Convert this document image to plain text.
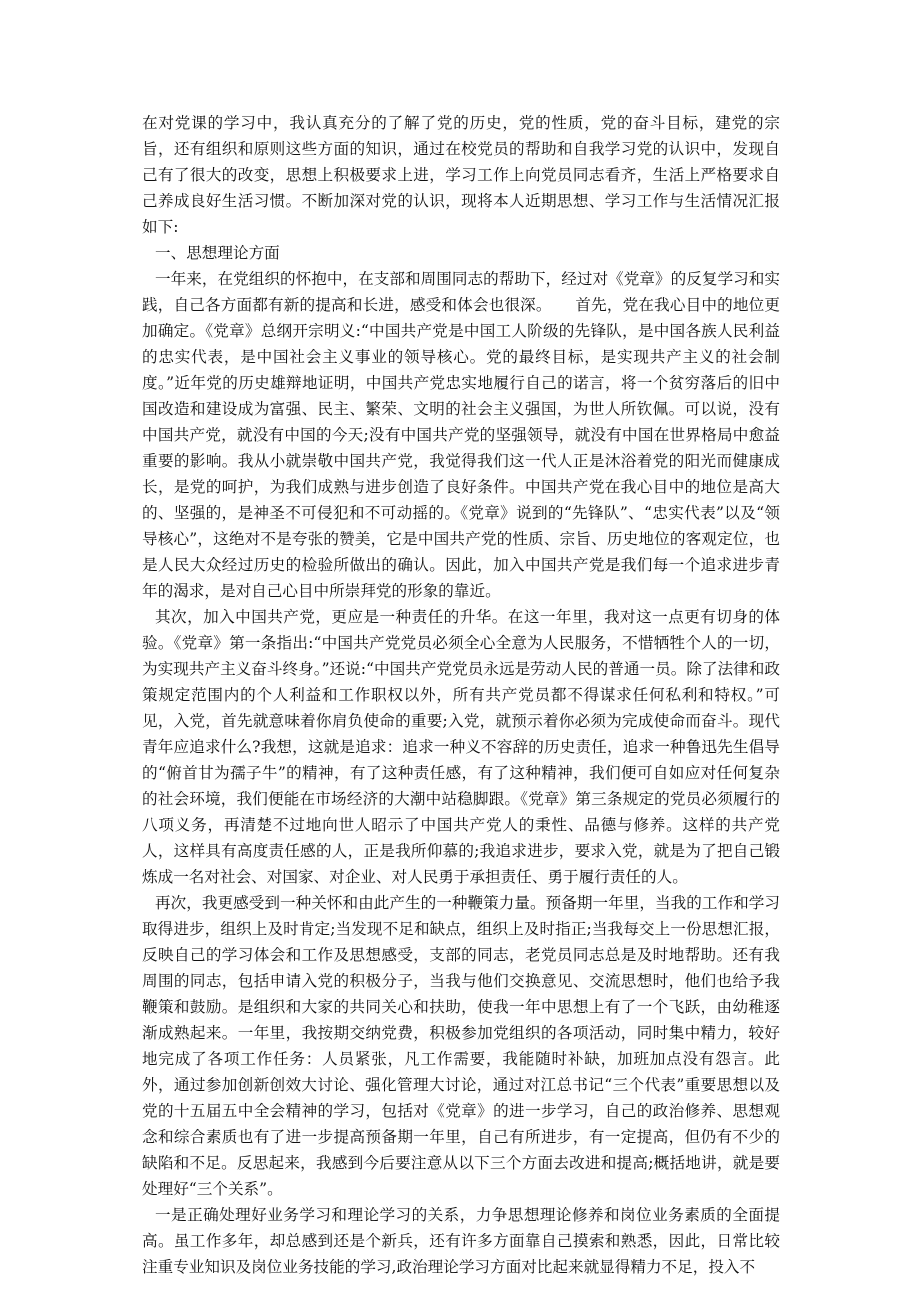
在对党课的学习中，我认真充分的了解了党的历史，党的性质，党的奋斗目标，建党的宗旨，还有组织和原则这些方面的知识，通过在校党员的帮助和自我学习党的认识中，发现自己有了很大的改变，思想上积极要求上进，学习工作上向党员同志看齐，生活上严格要求自己养成良好生活习惯。不断加深对党的认识，现将本人近期思想、学习工作与生活情况汇报如下:

一、思想理论方面

一年来，在党组织的怀抱中，在支部和周围同志的帮助下，经过对《党章》的反复学习和实践，自己各方面都有新的提高和长进，感受和体会也很深。　　首先，党在我心目中的地位更加确定。《党章》总纲开宗明义:“中国共产党是中国工人阶级的先锋队，是中国各族人民利益的忠实代表，是中国社会主义事业的领导核心。党的最终目标，是实现共产主义的社会制度。”近年党的历史雄辩地证明，中国共产党忠实地履行自己的诺言，将一个贫穷落后的旧中国改造和建设成为富强、民主、繁荣、文明的社会主义强国，为世人所钦佩。可以说，没有中国共产党，就没有中国的今天;没有中国共产党的坚强领导，就没有中国在世界格局中愈益重要的影响。我从小就崇敬中国共产党，我觉得我们这一代人正是沐浴着党的阳光而健康成长，是党的呵护，为我们成熟与进步创造了良好条件。中国共产党在我心目中的地位是高大的、坚强的，是神圣不可侵犯和不可动摇的。《党章》说到的“先锋队”、“忠实代表”以及“领导核心”，这绝对不是夸张的赞美，它是中国共产党的性质、宗旨、历史地位的客观定位，也是人民大众经过历史的检验所做出的确认。因此，加入中国共产党是我们每一个追求进步青年的渴求，是对自己心目中所崇拜党的形象的靠近。

其次，加入中国共产党，更应是一种责任的升华。在这一年里，我对这一点更有切身的体验。《党章》第一条指出:“中国共产党党员必须全心全意为人民服务，不惜牺牲个人的一切，为实现共产主义奋斗终身。”还说:“中国共产党党员永远是劳动人民的普通一员。除了法律和政策规定范围内的个人利益和工作职权以外，所有共产党员都不得谋求任何私利和特权。”可见，入党，首先就意味着你肩负使命的重要;入党，就预示着你必须为完成使命而奋斗。现代青年应追求什么?我想，这就是追求：追求一种义不容辞的历史责任，追求一种鲁迅先生倡导的“俯首甘为孺子牛”的精神，有了这种责任感，有了这种精神，我们便可自如应对任何复杂的社会环境，我们便能在市场经济的大潮中站稳脚跟。《党章》第三条规定的党员必须履行的八项义务，再清楚不过地向世人昭示了中国共产党人的秉性、品德与修养。这样的共产党人，这样具有高度责任感的人，正是我所仰慕的;我追求进步，要求入党，就是为了把自己锻炼成一名对社会、对国家、对企业、对人民勇于承担责任、勇于履行责任的人。

再次，我更感受到一种关怀和由此产生的一种鞭策力量。预备期一年里，当我的工作和学习取得进步，组织上及时肯定;当发现不足和缺点，组织上及时指正;当我每交上一份思想汇报，反映自己的学习体会和工作及思想感受，支部的同志，老党员同志总是及时地帮助。还有我周围的同志，包括申请入党的积极分子，当我与他们交换意见、交流思想时，他们也给予我鞭策和鼓励。是组织和大家的共同关心和扶助，使我一年中思想上有了一个飞跃，由幼稚逐渐成熟起来。一年里，我按期交纳党费，积极参加党组织的各项活动，同时集中精力，较好地完成了各项工作任务：人员紧张，凡工作需要，我能随时补缺，加班加点没有怨言。此外，通过参加创新创效大讨论、强化管理大讨论，通过对江总书记“三个代表”重要思想以及党的十五届五中全会精神的学习，包括对《党章》的进一步学习，自己的政治修养、思想观念和综合素质也有了进一步提高预备期一年里，自己有所进步，有一定提高，但仍有不少的缺陷和不足。反思起来，我感到今后要注意从以下三个方面去改进和提高;概括地讲，就是要处理好“三个关系”。

一是正确处理好业务学习和理论学习的关系，力争思想理论修养和岗位业务素质的全面提高。虽工作多年，却总感到还是个新兵，还有许多方面靠自己摸索和熟悉，因此，日常比较注重专业知识及岗位业务技能的学习,政治理论学习方面对比起来就显得精力不足，投入不
